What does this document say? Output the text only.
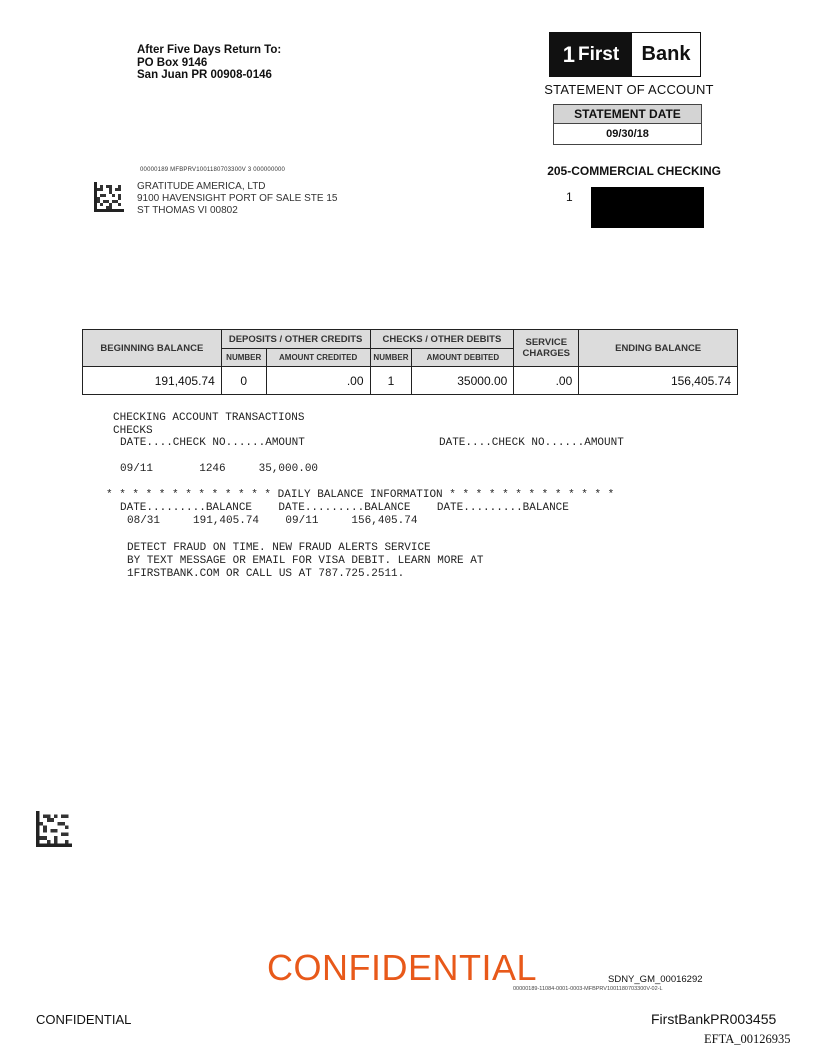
After Five Days Return To:
PO Box 9146
San Juan PR 00908-0146
1 First	Bank
STATEMENT OF ACCOUNT
STATEMENT DATE
09/30/18
205-COMMERCIAL CHECKING
1
00000189 MFBPRV1001180703300V 3 000000000
GRATITUDE AMERICA, LTD
9100 HAVENSIGHT PORT OF SALE STE 15
ST THOMAS VI 00802
BEGINNING BALANCE	DEPOSITS / OTHER CREDITS		CHECKS / OTHER DEBITS		SERVICE
CHARGES	ENDING BALANCE
	NUMBER	AMOUNT CREDITED	NUMBER	AMOUNT DEBITED		
191,405.74	0	.00	1	35000.00	.00	156,405.74
CHECKING ACCOUNT TRANSACTIONS
CHECKS
DATE....CHECK NO......AMOUNT	DATE....CHECK NO......AMOUNT
09/11       1246     35,000.00
* * * * * * * * * * * * * DAILY BALANCE INFORMATION * * * * * * * * * * * * *
DATE.........BALANCE    DATE.........BALANCE    DATE.........BALANCE
08/31     191,405.74    09/11     156,405.74
DETECT FRAUD ON TIME. NEW FRAUD ALERTS SERVICE
BY TEXT MESSAGE OR EMAIL FOR VISA DEBIT. LEARN MORE AT
1FIRSTBANK.COM OR CALL US AT 787.725.2511.
CONFIDENTIAL	SDNY_GM_00016292
00000189-11084-0001-0003-MFBPRV1001180703300V-02-L
CONFIDENTIAL	FirstBankPR003455
EFTA_00126935
